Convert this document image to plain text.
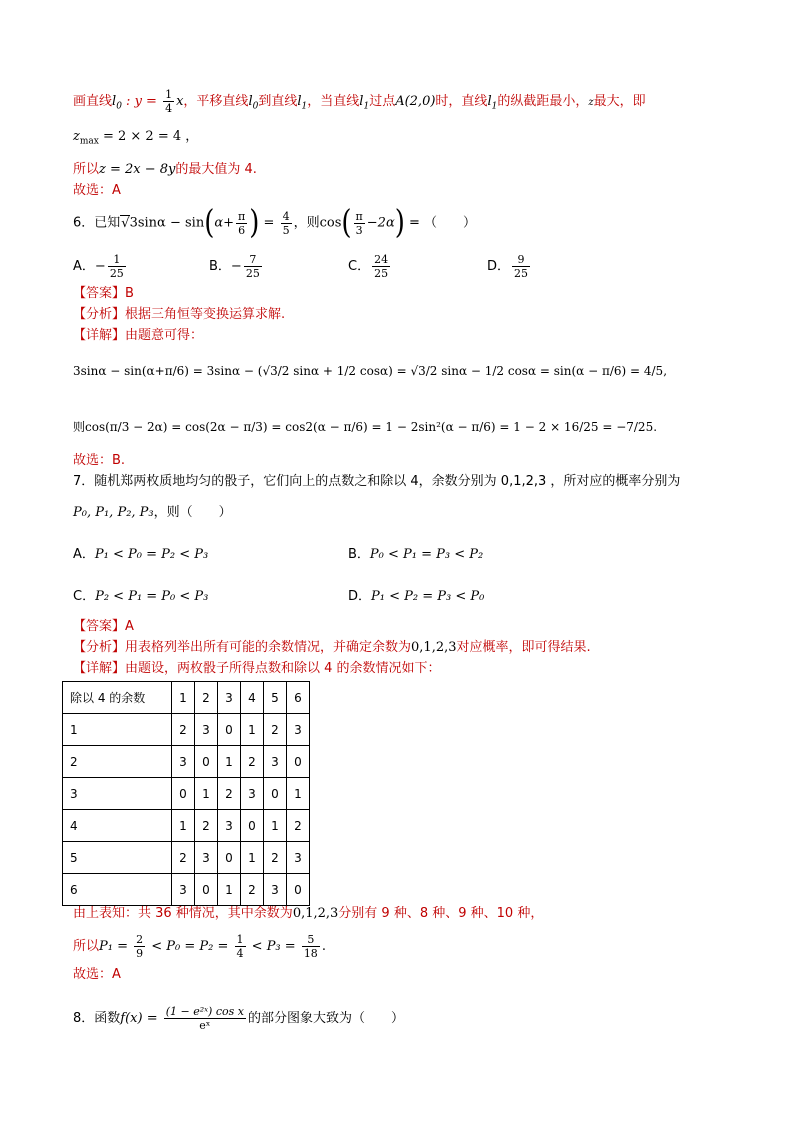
画直线$l_0$ : $y = \frac{1}{4}$ x，平移直线$l_0$到直线$l_1$，当直线$l_1$过点A(2,0)时，直线$l_1$的纵截距最小，z最大，即
$z_{max} = 2 \times 2 = 4$ ，
所以z = 2x − 8y的最大值为 4.
故选：A
6．已知$√3\sin\alpha - \sin(\alpha+ \frac{\pi}{6}$ ) = $\frac{4}{5}$ ，则$\cos( \frac{\pi}{3} -2\alpha)$ = （　　）
A．− $\frac{1}{25}$	B．− $\frac{7}{25}$	C． $\frac{24}{25}$	D． $\frac{9}{25}$
【答案】B
【分析】根据三角恒等变换运算求解.
【详解】由题意可得：
3sinα − sin(α+π/6) = 3sinα − (√3/2 sinα + 1/2 cosα) = √3/2 sinα − 1/2 cosα = sin(α − π/6) = 4/5,
则cos(π/3 − 2α) = cos(2α − π/3) = cos2(α − π/6) = 1 − 2sin²(α − π/6) = 1 − 2 × 16/25 = −7/25.
故选：B.
7．随机郑两枚质地均匀的骰子，它们向上的点数之和除以 4，余数分别为 0,1,2,3 ，所对应的概率分别为
P₀, P₁, P₂, P₃，则（　　）
A．P₁ < P₀ = P₂ < P₃	B．P₀ < P₁ = P₃ < P₂
C．P₂ < P₁ = P₀ < P₃	D．P₁ < P₂ = P₃ < P₀
【答案】A
【分析】用表格列举出所有可能的余数情况，并确定余数为0,1,2,3对应概率，即可得结果.
【详解】由题设，两枚骰子所得点数和除以 4 的余数情况如下：
除以 4 的余数	1	2	3	4	5	6
1	2	3	0	1	2	3
2	3	0	1	2	3	0
3	0	1	2	3	0	1
4	1	2	3	0	1	2
5	2	3	0	1	2	3
6	3	0	1	2	3	0
由上表知：共 36 种情况，其中余数为0,1,2,3分别有 9 种、8 种、9 种、10 种，
所以$P_1 = \frac{2}{9} < P_0 = P_2 = \frac{1}{4} < P_3 = \frac{5}{18}$ .
故选：A
8．函数$f(x) = \frac{\text{(1 − e²ˣ) cos x}}{\text{eˣ}}$ 的部分图象大致为（　　）
